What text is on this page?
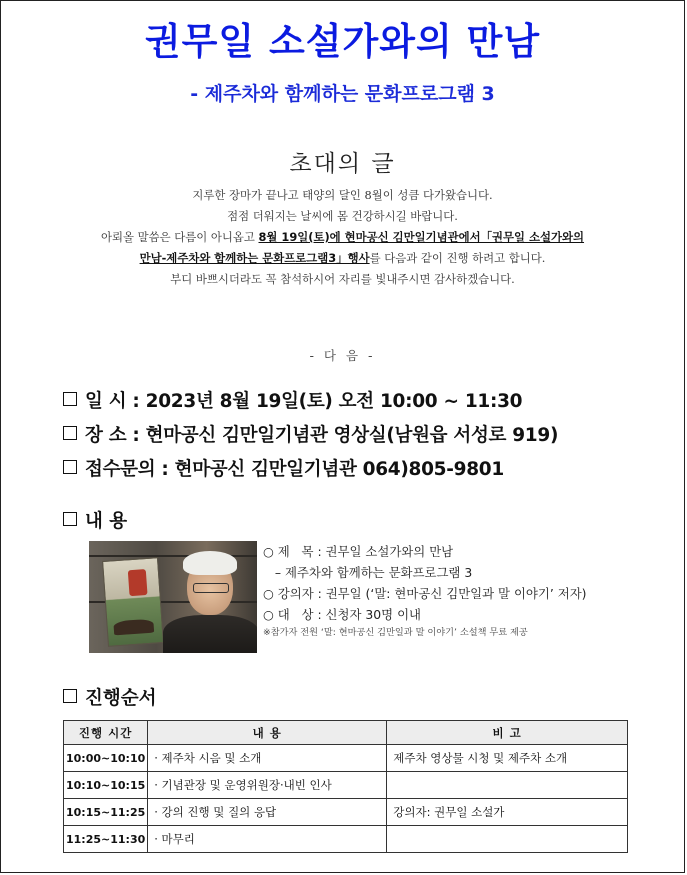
권무일 소설가와의 만남
- 제주차와 함께하는 문화프로그램 3
초대의 글
지루한 장마가 끝나고 태양의 달인 8월이 성큼 다가왔습니다.
점점 더워지는 날씨에 몸 건강하시길 바랍니다.
아뢰올 말씀은 다름이 아니옵고 8월 19일(토)에 현마공신 김만일기념관에서「권무일 소설가와의
만남-제주차와 함께하는 문화프로그램3」행사를 다음과 같이 진행 하려고 합니다.
부디 바쁘시더라도 꼭 참석하시어 자리를 빛내주시면 감사하겠습니다.
- 다 음 -
일 시 : 2023년 8월 19일(토) 오전 10:00 ~ 11:30
장 소 : 현마공신 김만일기념관 영상실(남원읍 서성로 919)
접수문의 : 현마공신 김만일기념관 064)805-9801
내 용
○ 제   목 : 권무일 소설가와의 만남
– 제주차와 함께하는 문화프로그램 3
○ 강의자 : 권무일 (‘말: 현마공신 김만일과 말 이야기’ 저자)
○ 대   상 : 신청자 30명 이내
※참가자 전원 ‘말: 현마공신 김만일과 말 이야기’ 소설책 무료 제공
진행순서
진행 시간	내 용	비 고
10:00~10:10	· 제주차 시음 및 소개	제주차 영상물 시청 및 제주차 소개
10:10~10:15	· 기념관장 및 운영위원장·내빈 인사	
10:15~11:25	· 강의 진행 및 질의 응답	강의자: 권무일 소설가
11:25~11:30	· 마무리	
